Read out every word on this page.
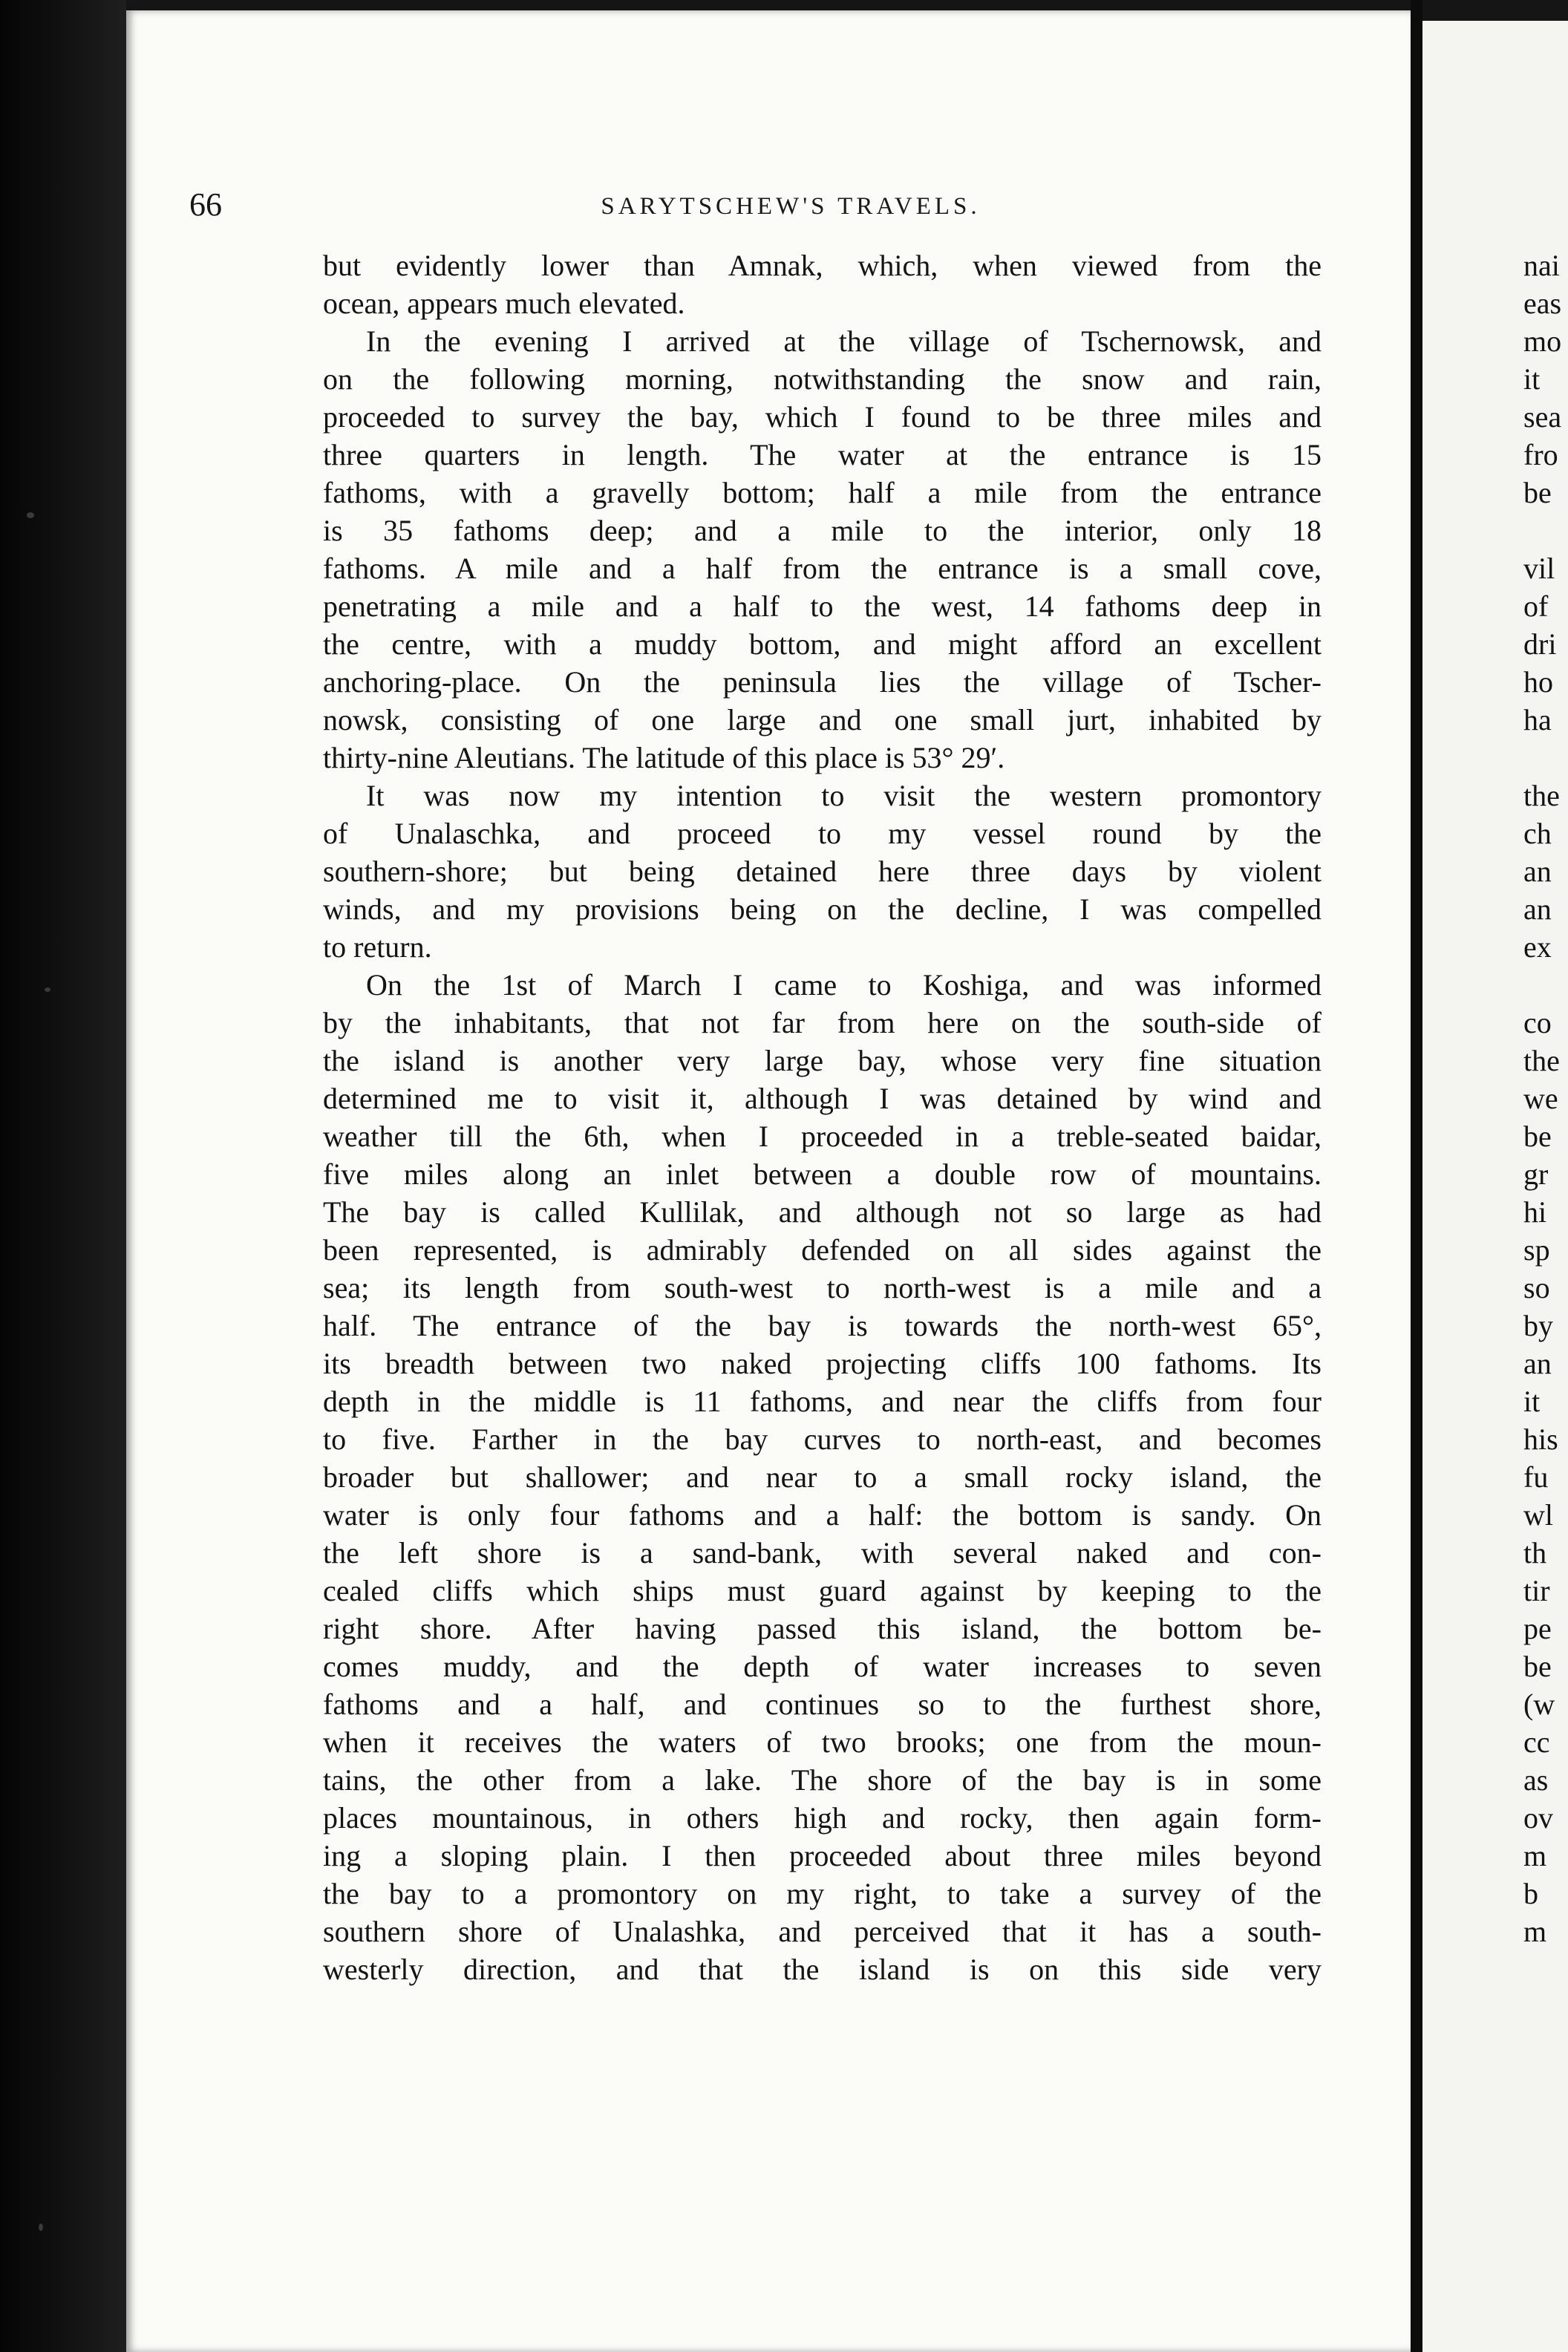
66	SARYTSCHEW'S TRAVELS.
but evidently lower than Amnak, which, when viewed from the
ocean, appears much elevated.
In the evening I arrived at the village of Tschernowsk, and
on the following morning, notwithstanding the snow and rain,
proceeded to survey the bay, which I found to be three miles and
three quarters in length. The water at the entrance is 15
fathoms, with a gravelly bottom; half a mile from the entrance
is 35 fathoms deep; and a mile to the interior, only 18
fathoms. A mile and a half from the entrance is a small cove,
penetrating a mile and a half to the west, 14 fathoms deep in
the centre, with a muddy bottom, and might afford an excellent
anchoring-place. On the peninsula lies the village of Tscher-
nowsk, consisting of one large and one small jurt, inhabited by
thirty-nine Aleutians. The latitude of this place is 53° 29′.
It was now my intention to visit the western promontory
of Unalaschka, and proceed to my vessel round by the
southern-shore; but being detained here three days by violent
winds, and my provisions being on the decline, I was compelled
to return.
On the 1st of March I came to Koshiga, and was informed
by the inhabitants, that not far from here on the south-side of
the island is another very large bay, whose very fine situation
determined me to visit it, although I was detained by wind and
weather till the 6th, when I proceeded in a treble-seated baidar,
five miles along an inlet between a double row of mountains.
The bay is called Kullilak, and although not so large as had
been represented, is admirably defended on all sides against the
sea; its length from south-west to north-west is a mile and a
half. The entrance of the bay is towards the north-west 65°,
its breadth between two naked projecting cliffs 100 fathoms. Its
depth in the middle is 11 fathoms, and near the cliffs from four
to five. Farther in the bay curves to north-east, and becomes
broader but shallower; and near to a small rocky island, the
water is only four fathoms and a half: the bottom is sandy. On
the left shore is a sand-bank, with several naked and con-
cealed cliffs which ships must guard against by keeping to the
right shore. After having passed this island, the bottom be-
comes muddy, and the depth of water increases to seven
fathoms and a half, and continues so to the furthest shore,
when it receives the waters of two brooks; one from the moun-
tains, the other from a lake. The shore of the bay is in some
places mountainous, in others high and rocky, then again form-
ing a sloping plain. I then proceeded about three miles beyond
the bay to a promontory on my right, to take a survey of the
southern shore of Unalashka, and perceived that it has a south-
westerly direction, and that the island is on this side very
nai
eas
mo
it
sea
fro
be
vil
of
dri
ho
ha
the
ch
an
an
ex
co
the
we
be
gr
hi
sp
so
by
an
it
his
fu
wl
th
tir
pe
be
(w
cc
as
ov
m
b
m
